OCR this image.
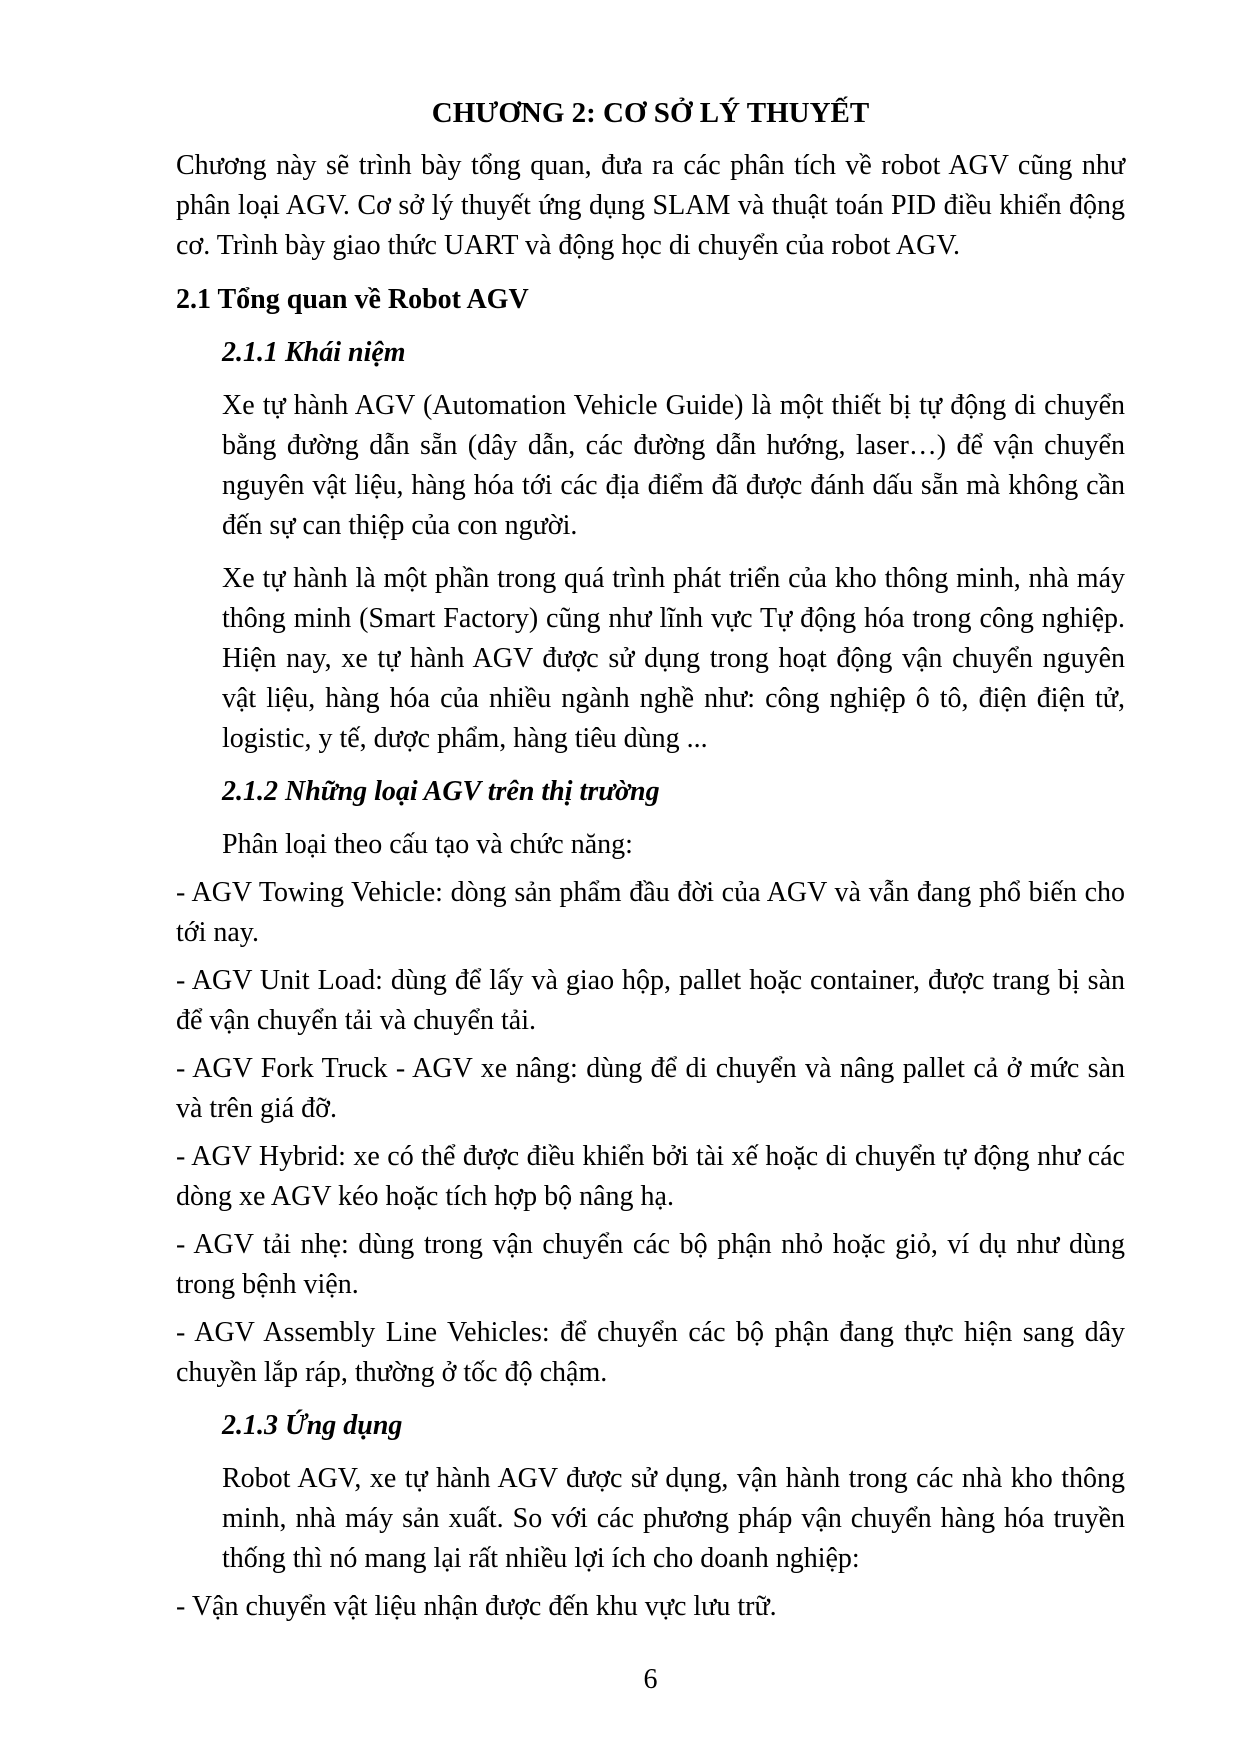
CHƯƠNG 2: CƠ SỞ LÝ THUYẾT
Chương này sẽ trình bày tổng quan, đưa ra các phân tích về robot AGV cũng như phân loại AGV. Cơ sở lý thuyết ứng dụng SLAM và thuật toán PID điều khiển động cơ. Trình bày giao thức UART và động học di chuyển của robot AGV.
2.1 Tổng quan về Robot AGV
2.1.1 Khái niệm
Xe tự hành AGV (Automation Vehicle Guide) là một thiết bị tự động di chuyển bằng đường dẫn sẵn (dây dẫn, các đường dẫn hướng, laser…) để vận chuyển nguyên vật liệu, hàng hóa tới các địa điểm đã được đánh dấu sẵn mà không cần đến sự can thiệp của con người.
Xe tự hành là một phần trong quá trình phát triển của kho thông minh, nhà máy thông minh (Smart Factory) cũng như lĩnh vực Tự động hóa trong công nghiệp. Hiện nay, xe tự hành AGV được sử dụng trong hoạt động vận chuyển nguyên vật liệu, hàng hóa của nhiều ngành nghề như: công nghiệp ô tô, điện điện tử, logistic, y tế, dược phẩm, hàng tiêu dùng ...
2.1.2 Những loại AGV trên thị trường
Phân loại theo cấu tạo và chức năng:
- AGV Towing Vehicle: dòng sản phẩm đầu đời của AGV và vẫn đang phổ biến cho tới nay.
- AGV Unit Load: dùng để lấy và giao hộp, pallet hoặc container, được trang bị sàn để vận chuyển tải và chuyển tải.
- AGV Fork Truck - AGV xe nâng: dùng để di chuyển và nâng pallet cả ở mức sàn và trên giá đỡ.
- AGV Hybrid: xe có thể được điều khiển bởi tài xế hoặc di chuyển tự động như các dòng xe AGV kéo hoặc tích hợp bộ nâng hạ.
- AGV tải nhẹ: dùng trong vận chuyển các bộ phận nhỏ hoặc giỏ, ví dụ như dùng trong bệnh viện.
- AGV Assembly Line Vehicles: để chuyển các bộ phận đang thực hiện sang dây chuyền lắp ráp, thường ở tốc độ chậm.
2.1.3 Ứng dụng
Robot AGV, xe tự hành AGV được sử dụng, vận hành trong các nhà kho thông minh, nhà máy sản xuất. So với các phương pháp vận chuyển hàng hóa truyền thống thì nó mang lại rất nhiều lợi ích cho doanh nghiệp:
- Vận chuyển vật liệu nhận được đến khu vực lưu trữ.
6
